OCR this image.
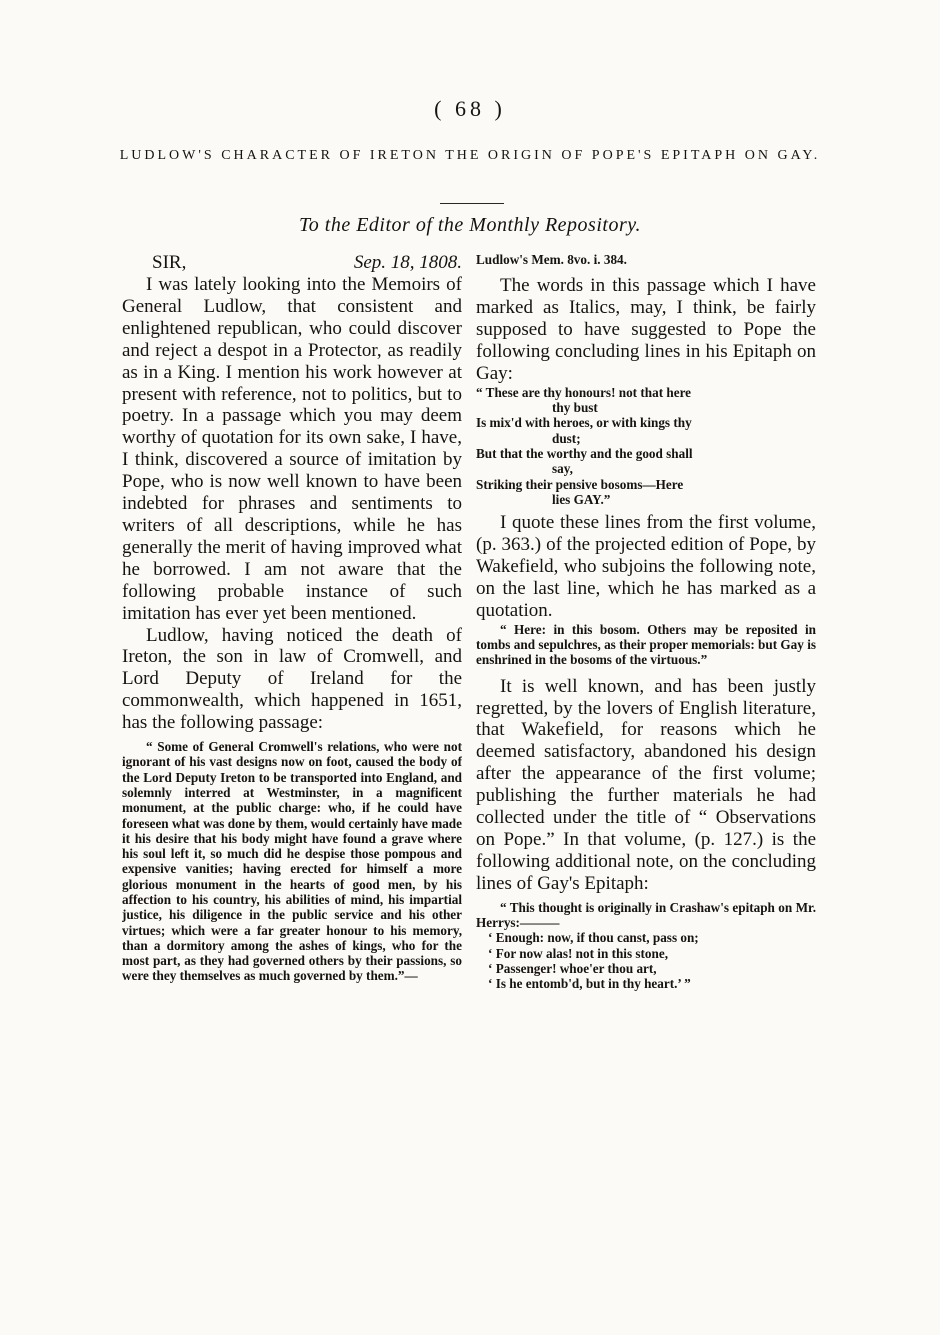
( 68 )
LUDLOW'S CHARACTER OF IRETON THE ORIGIN OF POPE'S EPITAPH ON GAY.
To the Editor of the Monthly Repository.
SIR,	Sep. 18, 1808.

I was lately looking into the Memoirs of General Ludlow, that consistent and enlightened republican, who could discover and reject a despot in a Protector, as readily as in a King. I mention his work however at present with reference, not to politics, but to poetry. In a passage which you may deem worthy of quotation for its own sake, I have, I think, discovered a source of imitation by Pope, who is now well known to have been indebted for phrases and sentiments to writers of all descriptions, while he has generally the merit of having improved what he borrowed. I am not aware that the following probable instance of such imitation has ever yet been mentioned.

Ludlow, having noticed the death of Ireton, the son in law of Cromwell, and Lord Deputy of Ireland for the commonwealth, which happened in 1651, has the following passage:

“ Some of General Cromwell's relations, who were not ignorant of his vast designs now on foot, caused the body of the Lord Deputy Ireton to be transported into England, and solemnly interred at Westminster, in a magnificent monument, at the public charge: who, if he could have foreseen what was done by them, would certainly have made it his desire that his body might have found a grave where his soul left it, so much did he despise those pompous and expensive vanities; having erected for himself a more glorious monument in the hearts of good men, by his affection to his country, his abilities of mind, his impartial justice, his diligence in the public service and his other virtues; which were a far greater honour to his memory, than a dormitory among the ashes of kings, who for the most part, as they had governed others by their passions, so were they themselves as much governed by them.”—

Ludlow's Mem. 8vo. i. 384.

The words in this passage which I have marked as Italics, may, I think, be fairly supposed to have suggested to Pope the following concluding lines in his Epitaph on Gay:

“ These are thy honours! not that here
thy bust

Is mix'd with heroes, or with kings thy
dust;

But that the worthy and the good shall
say,

Striking their pensive bosoms—Here
lies GAY.”

I quote these lines from the first volume, (p. 363.) of the projected edition of Pope, by Wakefield, who subjoins the following note, on the last line, which he has marked as a quotation.

“ Here: in this bosom. Others may be reposited in tombs and sepulchres, as their proper memorials: but Gay is enshrined in the bosoms of the virtuous.”

It is well known, and has been justly regretted, by the lovers of English literature, that Wakefield, for reasons which he deemed satisfactory, abandoned his design after the appearance of the first volume; publishing the further materials he had collected under the title of “ Observations on Pope.” In that volume, (p. 127.) is the following additional note, on the concluding lines of Gay's Epitaph:

“ This thought is originally in Crashaw's epitaph on Mr. Herrys:———

‘ Enough: now, if thou canst, pass on;

‘ For now alas! not in this stone,

‘ Passenger! whoe'er thou art,

‘ Is he entomb'd, but in thy heart.’ ”
